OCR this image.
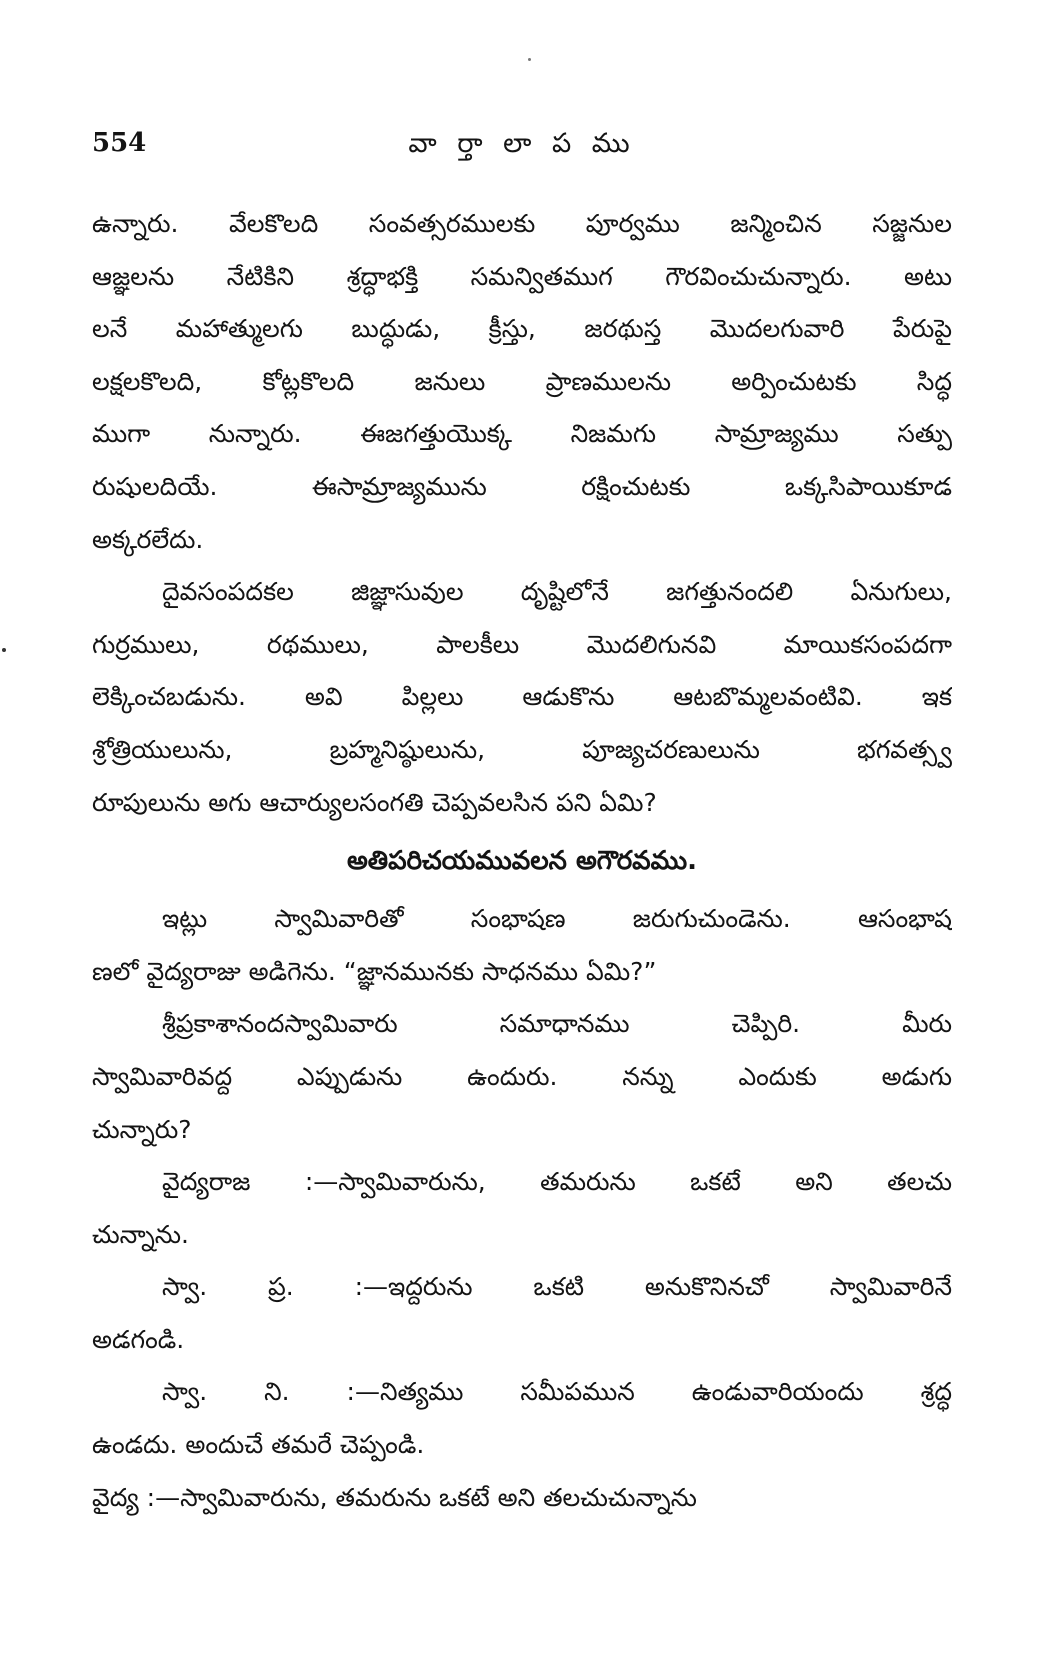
554	వా ర్తా లా ప ము

ఉన్నారు. వేలకొలది సంవత్సరములకు పూర్వము జన్మించిన సజ్జనుల
ఆజ్ఞలను నేటికిని శ్రద్ధాభక్తి సమన్వితముగ గౌరవించుచున్నారు. అటు
లనే మహాత్ములగు బుద్ధుడు, క్రీస్తు, జరథుస్త మొదలగువారి పేరుపై
లక్షలకొలది, కోట్లకొలది జనులు ప్రాణములను అర్పించుటకు సిద్ధ
ముగా నున్నారు. ఈజగత్తుయొక్క నిజమగు సామ్రాజ్యము సత్పు
రుషులదియే. ఈసామ్రాజ్యమును రక్షించుటకు ఒక్కసిపాయికూడ
అక్కరలేదు.

దైవసంపదకల జిజ్ఞాసువుల దృష్టిలోనే జగత్తునందలి ఏనుగులు,
గుర్రములు, రథములు, పాలకీలు మొదలిగునవి మాయికసంపదగా
లెక్కించబడును. అవి పిల్లలు ఆడుకొను ఆటబొమ్మలవంటివి. ఇక
శ్రోత్రియులును, బ్రహ్మనిష్ఠులును, పూజ్యచరణులును భగవత్స్వ
రూపులును అగు ఆచార్యులసంగతి చెప్పవలసిన పని ఏమి?

అతిపరిచయమువలన అగౌరవము.

ఇట్లు స్వామివారితో సంభాషణ జరుగుచుండెను. ఆసంభాష
ణలో వైద్యరాజు అడిగెను. “జ్ఞానమునకు సాధనము ఏమి?”

శ్రీప్రకాశానందస్వామివారు సమాధానము చెప్పిరి. మీరు
స్వామివారివద్ద ఎప్పుడును ఉందురు. నన్ను ఎందుకు అడుగు
చున్నారు?

వైద్యరాజ :—స్వామివారును, తమరును ఒకటే అని తలచు
చున్నాను.

స్వా. ప్ర. :—ఇద్దరును ఒకటి అనుకొనినచో స్వామివారినే
అడగండి.

స్వా. ని. :—నిత్యము సమీపమున ఉండువారియందు శ్రద్ధ
ఉండదు. అందుచే తమరే చెప్పండి.

వైద్య :—స్వామివారును, తమరును ఒకటే అని తలచుచున్నాను
